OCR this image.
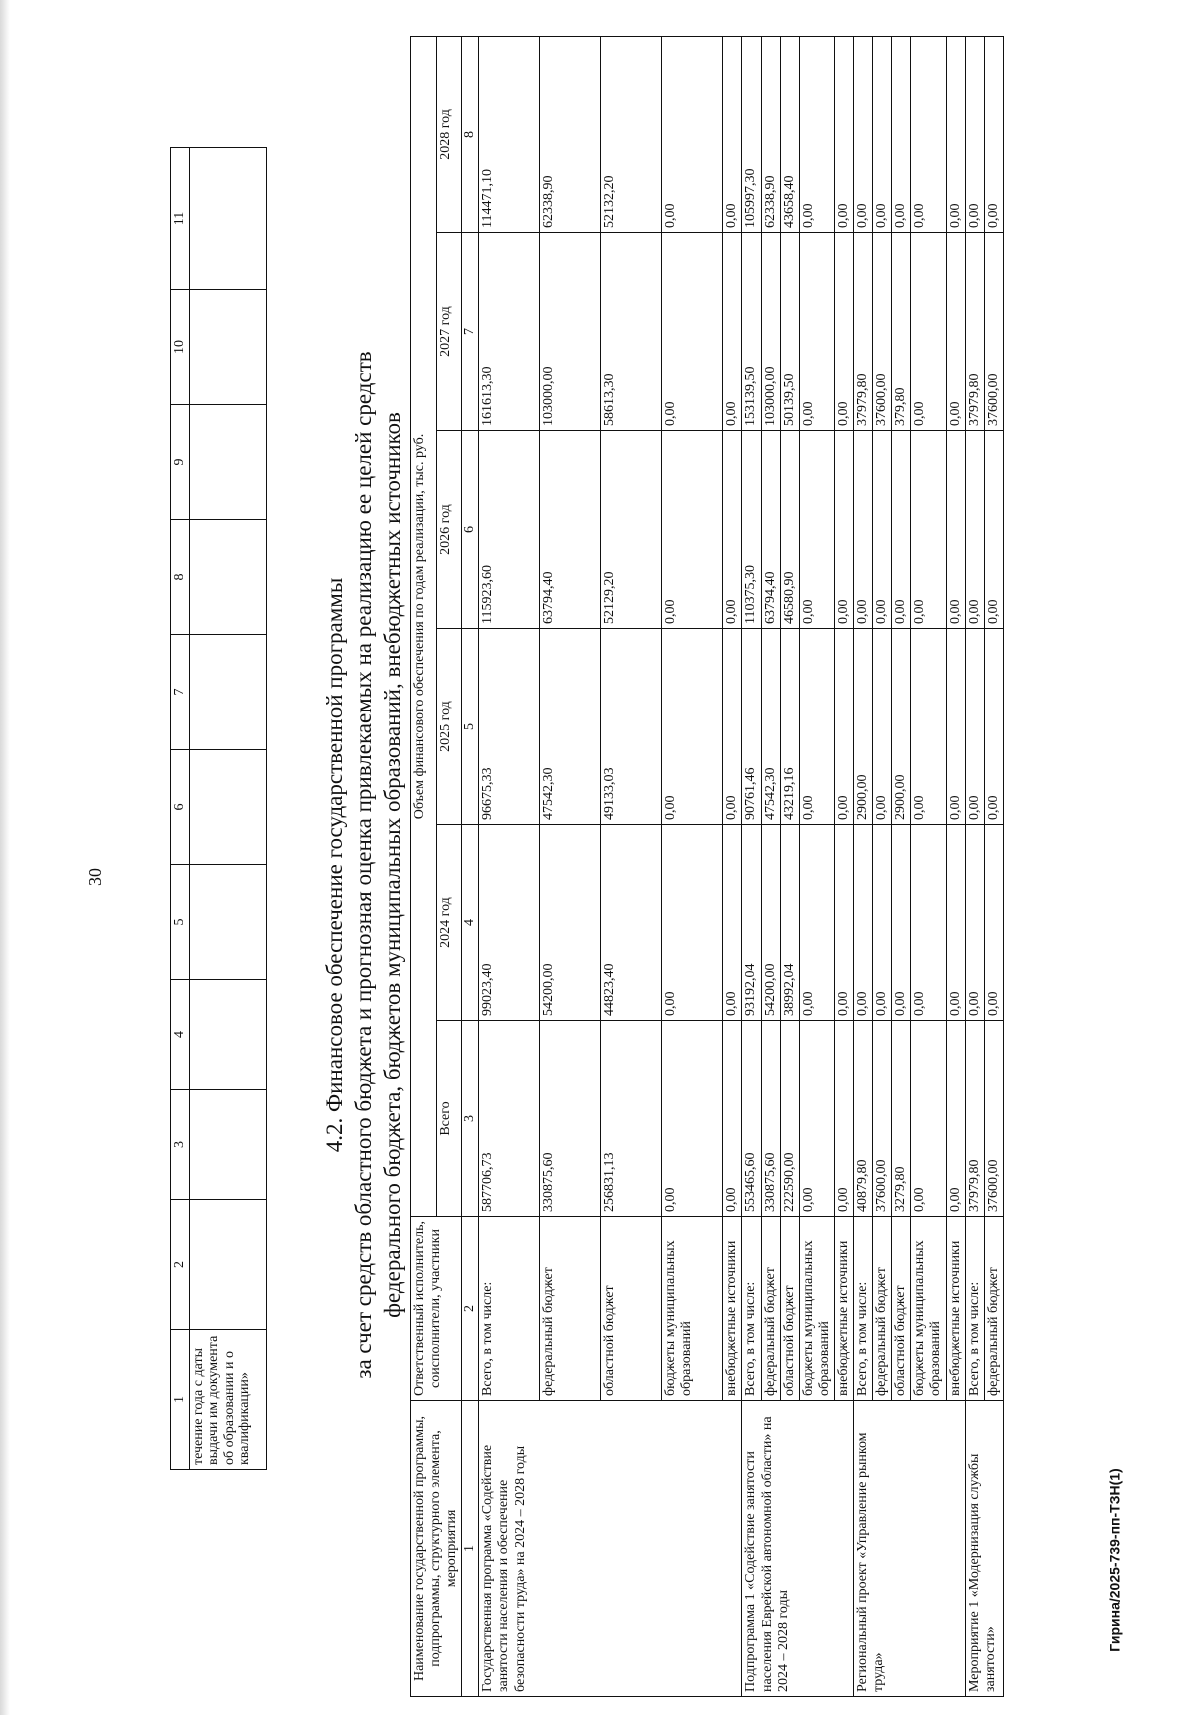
30
Гирина/2025-739-пп-ТЗН(1)
1	2	3	4	5	6	7	8	9	10	11
течение года с даты выдачи им документа об образовании и о квалификации»										
4.2. Финансовое обеспечение государственной программы за счет средств областного бюджета и прогнозная оценка привлекаемых на реализацию ее целей средств федерального бюджета, бюджетов муниципальных образований, внебюджетных источников
Наименование государственной программы, подпрограммы, структурного элемента, мероприятия	Ответственный исполнитель, соисполнители, участники	Объем финансового обеспечения по годам реализации, тыс. руб.					
		Всего	2024 год	2025 год	2026 год	2027 год	2028 год
1	2	3	4	5	6	7	8
Государственная программа «Содействие занятости населения и обеспечение безопасности труда» на 2024 – 2028 годы	Всего, в том числе:	587706,73	99023,40	96675,33	115923,60	161613,30	114471,10
	федеральный бюджет	330875,60	54200,00	47542,30	63794,40	103000,00	62338,90
	областной бюджет	256831,13	44823,40	49133,03	52129,20	58613,30	52132,20
	бюджеты муниципальных образований	0,00	0,00	0,00	0,00	0,00	0,00
	внебюджетные источники	0,00	0,00	0,00	0,00	0,00	0,00
Подпрограмма 1 «Содействие занятости населения Еврейской автономной области» на 2024 – 2028 годы	Всего, в том числе:	553465,60	93192,04	90761,46	110375,30	153139,50	105997,30
	федеральный бюджет	330875,60	54200,00	47542,30	63794,40	103000,00	62338,90
	областной бюджет	222590,00	38992,04	43219,16	46580,90	50139,50	43658,40
	бюджеты муниципальных образований	0,00	0,00	0,00	0,00	0,00	0,00
	внебюджетные источники	0,00	0,00	0,00	0,00	0,00	0,00
Региональный проект «Управление рынком труда»	Всего, в том числе:	40879,80	0,00	2900,00	0,00	37979,80	0,00
	федеральный бюджет	37600,00	0,00	0,00	0,00	37600,00	0,00
	областной бюджет	3279,80	0,00	2900,00	0,00	379,80	0,00
	бюджеты муниципальных образований	0,00	0,00	0,00	0,00	0,00	0,00
	внебюджетные источники	0,00	0,00	0,00	0,00	0,00	0,00
Мероприятие 1 «Модернизация службы занятости»	Всего, в том числе:	37979,80	0,00	0,00	0,00	37979,80	0,00
	федеральный бюджет	37600,00	0,00	0,00	0,00	37600,00	0,00
